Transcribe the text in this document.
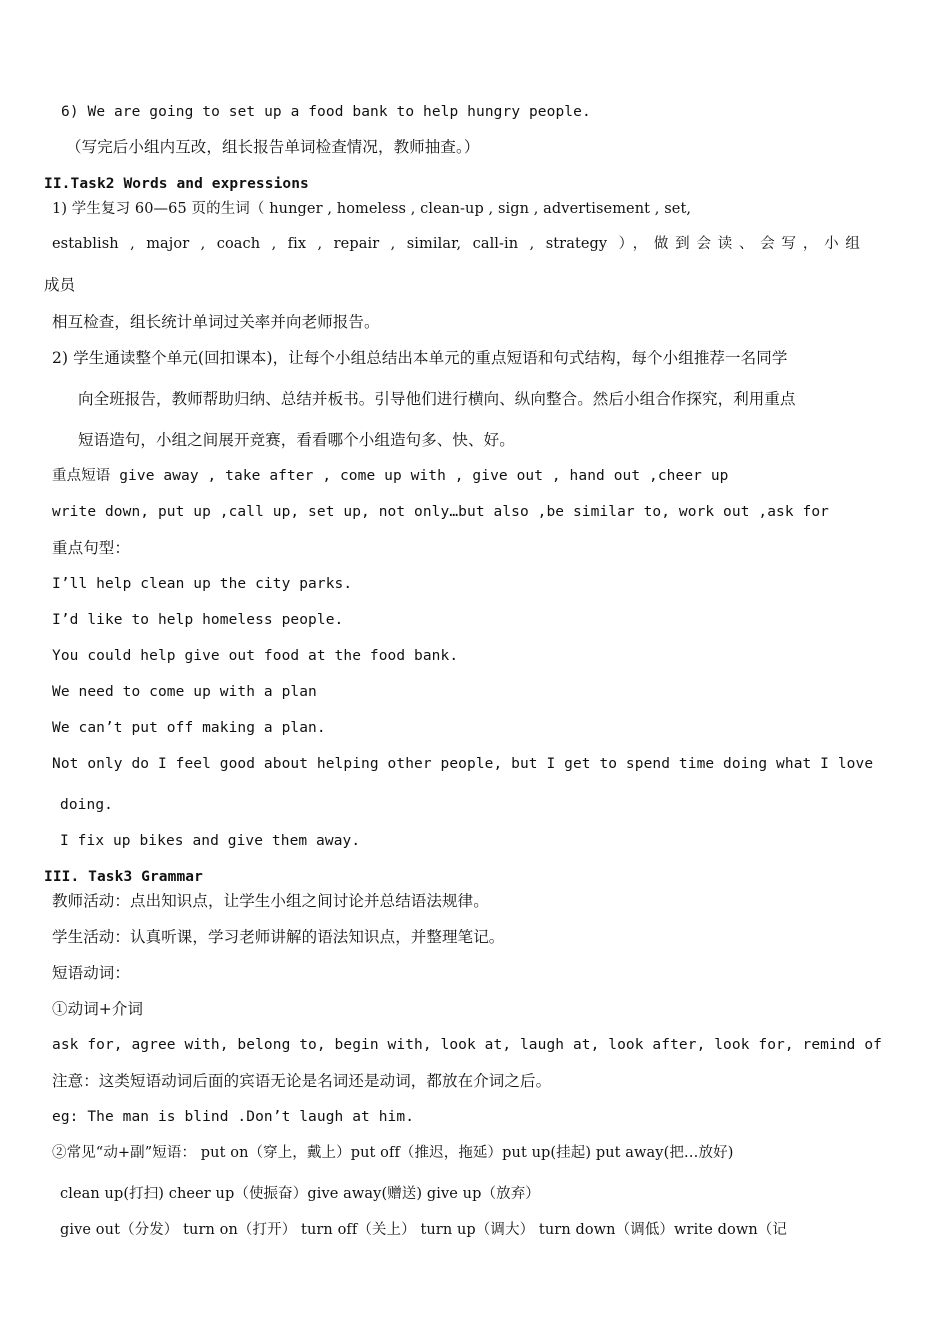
6) We are going to set up a food bank to help hungry people.
（写完后小组内互改，组长报告单词检查情况，教师抽查。）
II.Task2 Words and expressions
1) 学生复习 60—65 页的生词（ hunger , homeless , clean-up , sign , advertisement , set,
establish , major , coach , fix , repair , similar, call-in , strategy ），做到会读、会写，小组
成员
相互检查，组长统计单词过关率并向老师报告。
2) 学生通读整个单元(回扣课本)，让每个小组总结出本单元的重点短语和句式结构，每个小组推荐一名同学
向全班报告，教师帮助归纳、总结并板书。引导他们进行横向、纵向整合。然后小组合作探究，利用重点
短语造句，小组之间展开竞赛，看看哪个小组造句多、快、好。
重点短语 give away , take after , come up with , give out , hand out ,cheer up
write down, put up ,call up, set up, not only…but also ,be similar to, work out ,ask for
重点句型：
I’ll help clean up the city parks.
I’d like to help homeless people.
You could help give out food at the food bank.
We need to come up with a plan
We can’t put off making a plan.
Not only do I feel good about helping other people, but I get to spend time doing what I love
doing.
I fix up bikes and give them away.
III. Task3 Grammar
教师活动：点出知识点，让学生小组之间讨论并总结语法规律。
学生活动：认真听课，学习老师讲解的语法知识点，并整理笔记。
短语动词：
①动词+介词
ask for, agree with, belong to, begin with, look at, laugh at, look after, look for, remind of
注意：这类短语动词后面的宾语无论是名词还是动词，都放在介词之后。
eg: The man is blind .Don’t laugh at him.
②常见“动+副”短语： put on（穿上，戴上）put off（推迟，拖延）put up(挂起) put away(把…放好)
clean up(打扫) cheer up（使振奋）give away(赠送) give up（放弃）
give out（分发） turn on（打开） turn off（关上） turn up（调大） turn down（调低）write down（记
